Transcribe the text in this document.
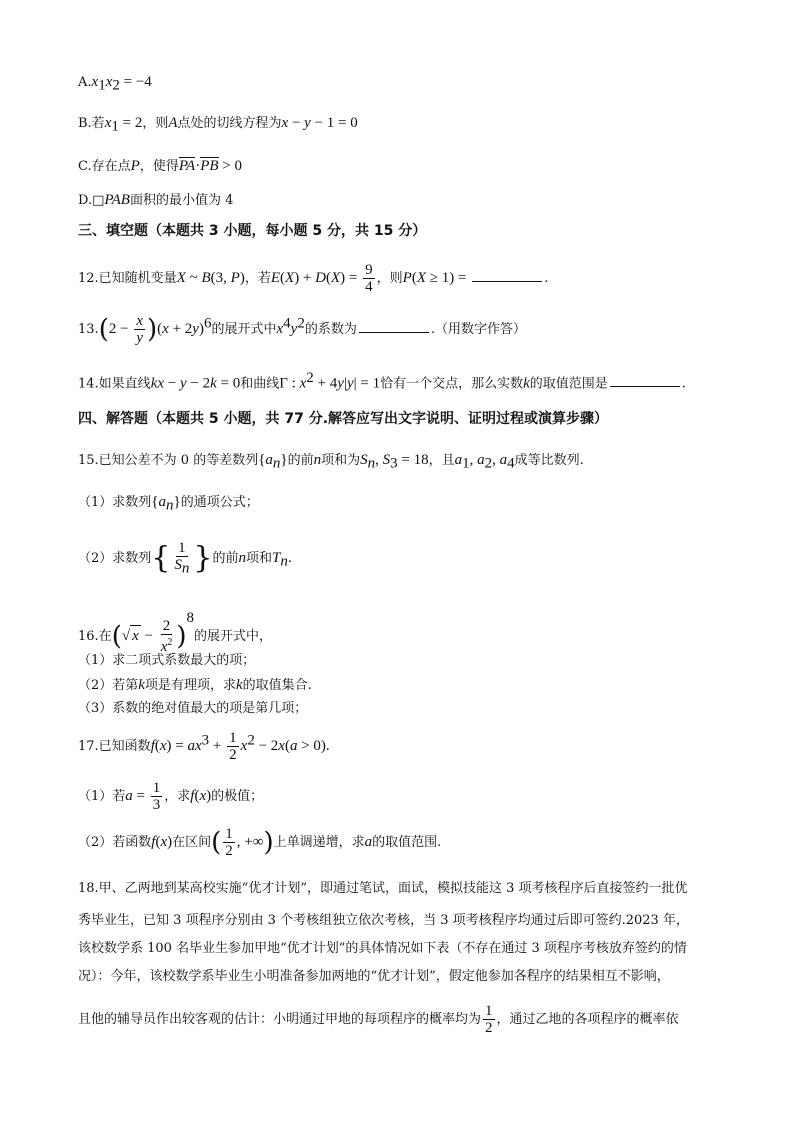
$A.x_1x_2 = -4$
B.若$x_1 = 2$，则A点处的切线方程为x − y − 1 = 0
C.存在点P，使得PA·PB > 0
D.□PAB面积的最小值为 4
三、填空题（本题共 3 小题，每小题 5 分，共 15 分）
12.已知随机变量X ~ B(3, P)，若$E(X) + D(X) = \frac{9}{4}$ ，则P(X ≥ 1) =	.
$13.(2 - \frac{x}{y} )(x + 2y)^6$的展开式中$x^4y^2$的系数为	.（用数字作答）
14.如果直线kx − y − 2k = 0和曲线Γ : $x^2 + 4y|y| = 1$恰有一个交点，那么实数k的取值范围是	.
四、解答题（本题共 5 小题，共 77 分.解答应写出文字说明、证明过程或演算步骤）
15.已知公差不为 0 的等差数列$\{a_n\}$的前n项和为$S_n$, $S_3 = 18$，且$a_1$, $a_2$, $a_4$成等比数列.
（1）求数列$\{a_n\}$的通项公式；
（2）求数列{ $\frac{1}{S_n}$ }的前n项和$T_n$.
16.在(√ $x - \frac{2}{x^2} )^8$的展开式中，
（1）求二项式系数最大的项；
（2）若第k项是有理项，求k的取值集合.
（3）系数的绝对值最大的项是第几项；
17.已知函数$f(x) = ax^3 + \frac{1}{2} x^2 - 2x(a > 0)$.
（1）若$a = \frac{1}{3}$ ，求f(x)的极值；
（2）若函数f(x)在区间( $\frac{1}{2}$ , +∞)上单调递增，求a的取值范围.
18.甲、乙两地到某高校实施“优才计划”，即通过笔试，面试，模拟技能这 3 项考核程序后直接签约一批优
秀毕业生，已知 3 项程序分别由 3 个考核组独立依次考核，当 3 项考核程序均通过后即可签约.2023 年，
该校数学系 100 名毕业生参加甲地“优才计划”的具体情况如下表（不存在通过 3 项程序考核放弃签约的情
况）：今年，该校数学系毕业生小明准备参加两地的“优才计划”，假定他参加各程序的结果相互不影响，
且他的辅导员作出较客观的估计：小明通过甲地的每项程序的概率均为 $\frac{1}{2}$ ，通过乙地的各项程序的概率依
